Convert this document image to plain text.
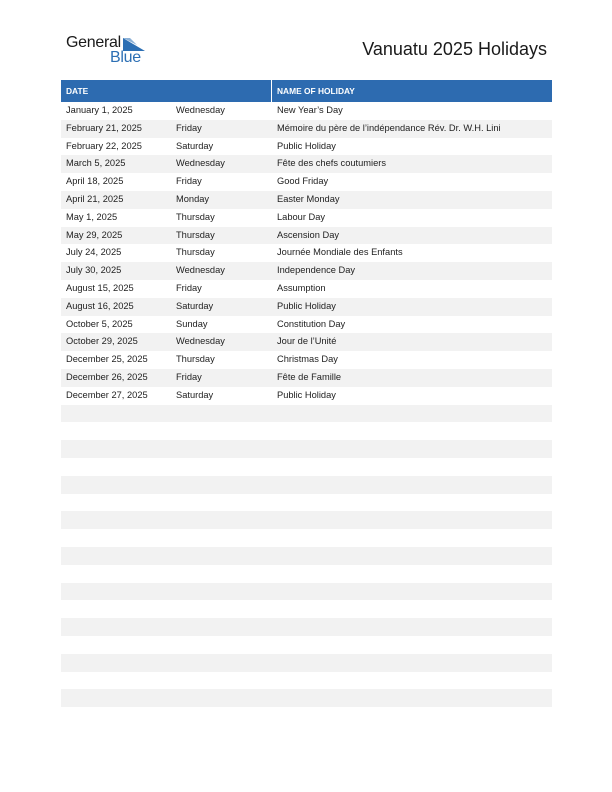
General
Blue	Vanuatu 2025 Holidays
DATE	NAME OF HOLIDAY
January 1, 2025	Wednesday	New Year’s Day
February 21, 2025	Friday	Mémoire du père de l’indépendance Rév. Dr. W.H. Lini
February 22, 2025	Saturday	Public Holiday
March 5, 2025	Wednesday	Fête des chefs coutumiers
April 18, 2025	Friday	Good Friday
April 21, 2025	Monday	Easter Monday
May 1, 2025	Thursday	Labour Day
May 29, 2025	Thursday	Ascension Day
July 24, 2025	Thursday	Journée Mondiale des Enfants
July 30, 2025	Wednesday	Independence Day
August 15, 2025	Friday	Assumption
August 16, 2025	Saturday	Public Holiday
October 5, 2025	Sunday	Constitution Day
October 29, 2025	Wednesday	Jour de l’Unité
December 25, 2025	Thursday	Christmas Day
December 26, 2025	Friday	Fête de Famille
December 27, 2025	Saturday	Public Holiday
